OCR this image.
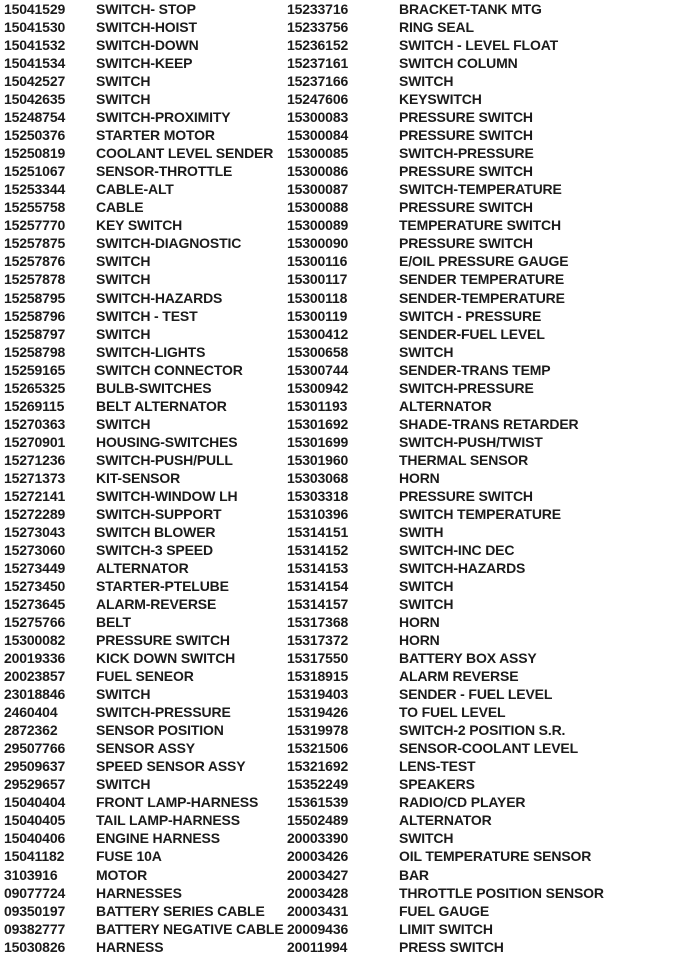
15041529	SWITCH- STOP
15041530	SWITCH-HOIST
15041532	SWITCH-DOWN
15041534	SWITCH-KEEP
15042527	SWITCH
15042635	SWITCH
15248754	SWITCH-PROXIMITY
15250376	STARTER MOTOR
15250819	COOLANT LEVEL SENDER
15251067	SENSOR-THROTTLE
15253344	CABLE-ALT
15255758	CABLE
15257770	KEY SWITCH
15257875	SWITCH-DIAGNOSTIC
15257876	SWITCH
15257878	SWITCH
15258795	SWITCH-HAZARDS
15258796	SWITCH - TEST
15258797	SWITCH
15258798	SWITCH-LIGHTS
15259165	SWITCH CONNECTOR
15265325	BULB-SWITCHES
15269115	BELT ALTERNATOR
15270363	SWITCH
15270901	HOUSING-SWITCHES
15271236	SWITCH-PUSH/PULL
15271373	KIT-SENSOR
15272141	SWITCH-WINDOW LH
15272289	SWITCH-SUPPORT
15273043	SWITCH BLOWER
15273060	SWITCH-3 SPEED
15273449	ALTERNATOR
15273450	STARTER-PTELUBE
15273645	ALARM-REVERSE
15275766	BELT
15300082	PRESSURE SWITCH
20019336	KICK DOWN SWITCH
20023857	FUEL SENEOR
23018846	SWITCH
2460404	SWITCH-PRESSURE
2872362	SENSOR POSITION
29507766	SENSOR ASSY
29509637	SPEED SENSOR ASSY
29529657	SWITCH
15040404	FRONT LAMP-HARNESS
15040405	TAIL LAMP-HARNESS
15040406	ENGINE HARNESS
15041182	FUSE 10A
3103916	MOTOR
09077724	HARNESSES
09350197	BATTERY SERIES CABLE
09382777	BATTERY NEGATIVE CABLE
15030826	HARNESS
15233716	BRACKET-TANK MTG
15233756	RING SEAL
15236152	SWITCH - LEVEL FLOAT
15237161	SWITCH COLUMN
15237166	SWITCH
15247606	KEYSWITCH
15300083	PRESSURE SWITCH
15300084	PRESSURE SWITCH
15300085	SWITCH-PRESSURE
15300086	PRESSURE SWITCH
15300087	SWITCH-TEMPERATURE
15300088	PRESSURE SWITCH
15300089	TEMPERATURE SWITCH
15300090	PRESSURE SWITCH
15300116	E/OIL PRESSURE GAUGE
15300117	SENDER TEMPERATURE
15300118	SENDER-TEMPERATURE
15300119	SWITCH - PRESSURE
15300412	SENDER-FUEL LEVEL
15300658	SWITCH
15300744	SENDER-TRANS TEMP
15300942	SWITCH-PRESSURE
15301193	ALTERNATOR
15301692	SHADE-TRANS RETARDER
15301699	SWITCH-PUSH/TWIST
15301960	THERMAL SENSOR
15303068	HORN
15303318	PRESSURE SWITCH
15310396	SWITCH TEMPERATURE
15314151	SWITH
15314152	SWITCH-INC DEC
15314153	SWITCH-HAZARDS
15314154	SWITCH
15314157	SWITCH
15317368	HORN
15317372	HORN
15317550	BATTERY BOX ASSY
15318915	ALARM REVERSE
15319403	SENDER - FUEL LEVEL
15319426	TO FUEL LEVEL
15319978	SWITCH-2 POSITION S.R.
15321506	SENSOR-COOLANT LEVEL
15321692	LENS-TEST
15352249	SPEAKERS
15361539	RADIO/CD PLAYER
15502489	ALTERNATOR
20003390	SWITCH
20003426	OIL TEMPERATURE SENSOR
20003427	BAR
20003428	THROTTLE POSITION SENSOR
20003431	FUEL GAUGE
20009436	LIMIT SWITCH
20011994	PRESS SWITCH
